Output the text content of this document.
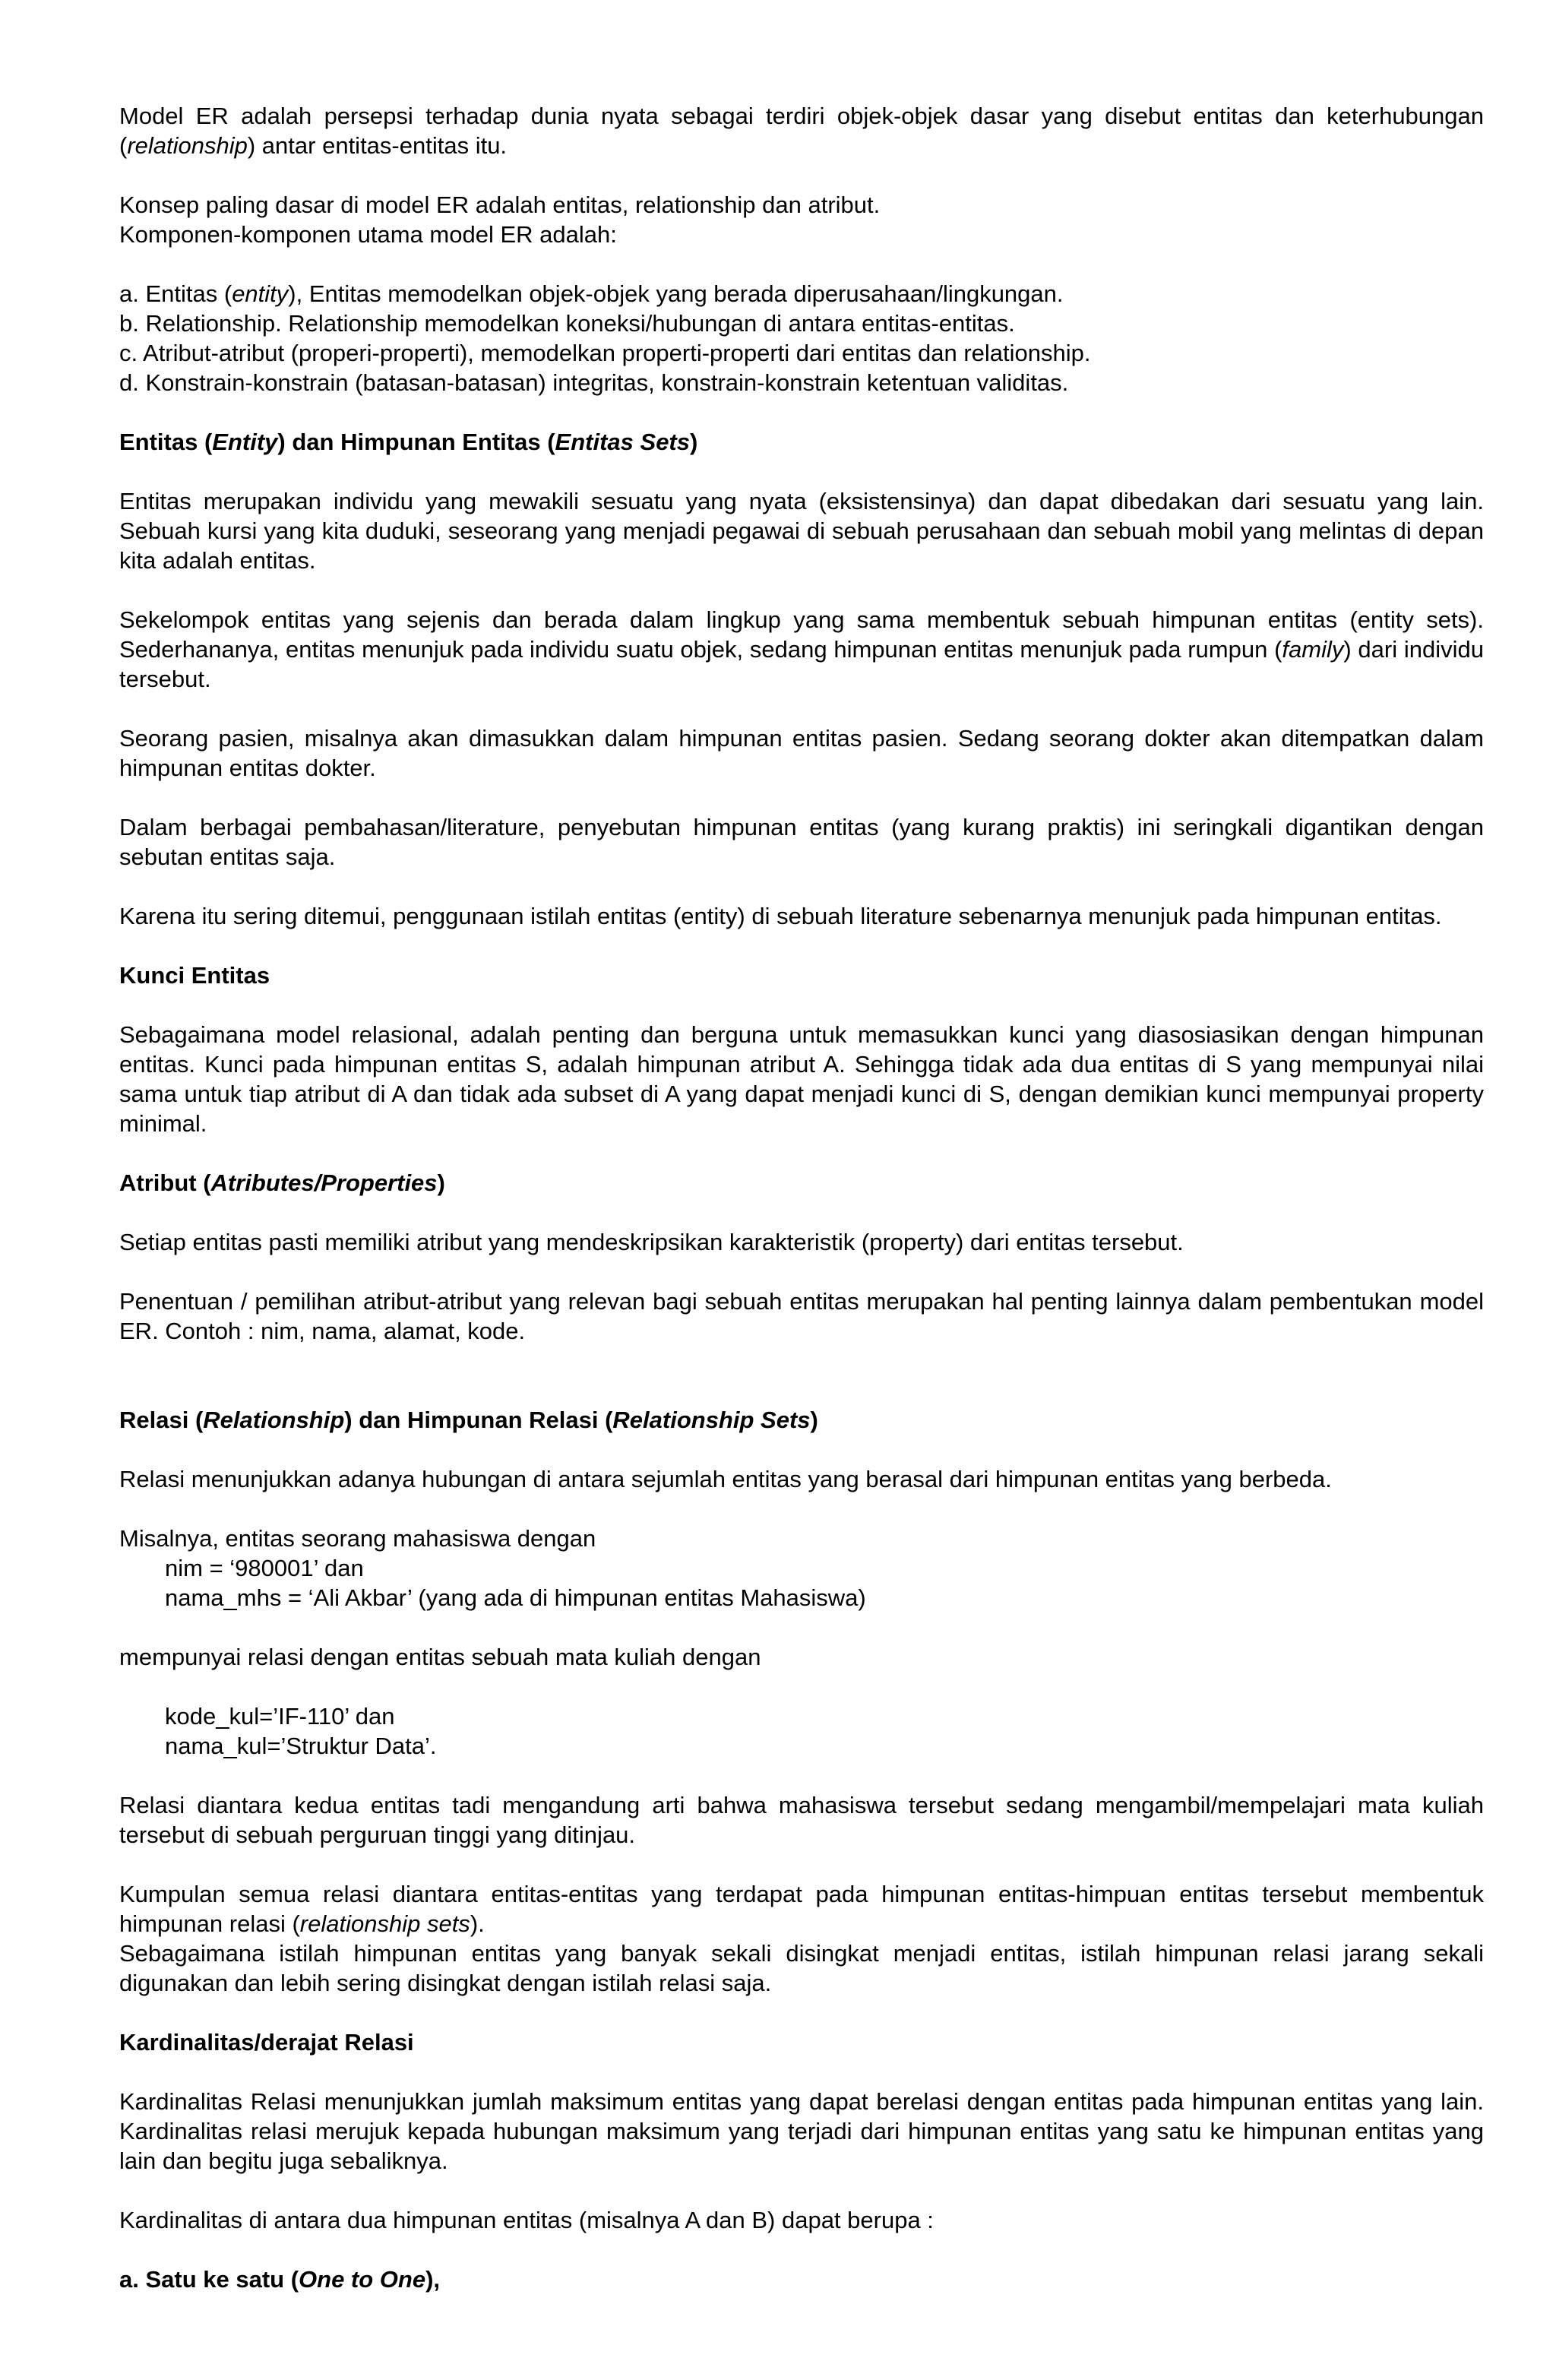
Model ER adalah persepsi terhadap dunia nyata sebagai terdiri objek-objek dasar yang disebut entitas dan keterhubungan (relationship) antar entitas-entitas itu.

Konsep paling dasar di model ER adalah entitas, relationship dan atribut.
Komponen-komponen utama model ER adalah:

a. Entitas (entity), Entitas memodelkan objek-objek yang berada diperusahaan/lingkungan.
b. Relationship. Relationship memodelkan koneksi/hubungan di antara entitas-entitas.
c. Atribut-atribut (properi-properti), memodelkan properti-properti dari entitas dan relationship.
d. Konstrain-konstrain (batasan-batasan) integritas, konstrain-konstrain ketentuan validitas.

Entitas (Entity) dan Himpunan Entitas (Entitas Sets)

Entitas merupakan individu yang mewakili sesuatu yang nyata (eksistensinya) dan dapat dibedakan dari sesuatu yang lain. Sebuah kursi yang kita duduki, seseorang yang menjadi pegawai di sebuah perusahaan dan sebuah mobil yang melintas di depan kita adalah entitas.

Sekelompok entitas yang sejenis dan berada dalam lingkup yang sama membentuk sebuah himpunan entitas (entity sets). Sederhananya, entitas menunjuk pada individu suatu objek, sedang himpunan entitas menunjuk pada rumpun (family) dari individu tersebut.

Seorang pasien, misalnya akan dimasukkan dalam himpunan entitas pasien. Sedang seorang dokter akan ditempatkan dalam himpunan entitas dokter.

Dalam berbagai pembahasan/literature, penyebutan himpunan entitas (yang kurang praktis) ini seringkali digantikan dengan sebutan entitas saja.

Karena itu sering ditemui, penggunaan istilah entitas (entity) di sebuah literature sebenarnya menunjuk pada himpunan entitas.

Kunci Entitas

Sebagaimana model relasional, adalah penting dan berguna untuk memasukkan kunci yang diasosiasikan dengan himpunan entitas. Kunci pada himpunan entitas S, adalah himpunan atribut A. Sehingga tidak ada dua entitas di S yang mempunyai nilai sama untuk tiap atribut di A dan tidak ada subset di A yang dapat menjadi kunci di S, dengan demikian kunci mempunyai property minimal.

Atribut (Atributes/Properties)

Setiap entitas pasti memiliki atribut yang mendeskripsikan karakteristik (property) dari entitas tersebut.

Penentuan / pemilihan atribut-atribut yang relevan bagi sebuah entitas merupakan hal penting lainnya dalam pembentukan model ER. Contoh : nim, nama, alamat, kode.

Relasi (Relationship) dan Himpunan Relasi (Relationship Sets)

Relasi menunjukkan adanya hubungan di antara sejumlah entitas yang berasal dari himpunan entitas yang berbeda.

Misalnya, entitas seorang mahasiswa dengan
nim = ‘980001’ dan
nama_mhs = ‘Ali Akbar’ (yang ada di himpunan entitas Mahasiswa)

mempunyai relasi dengan entitas sebuah mata kuliah dengan

kode_kul=’IF-110’ dan
nama_kul=’Struktur Data’.

Relasi diantara kedua entitas tadi mengandung arti bahwa mahasiswa tersebut sedang mengambil/mempelajari mata kuliah tersebut di sebuah perguruan tinggi yang ditinjau.

Kumpulan semua relasi diantara entitas-entitas yang terdapat pada himpunan entitas-himpuan entitas tersebut membentuk himpunan relasi (relationship sets).
Sebagaimana istilah himpunan entitas yang banyak sekali disingkat menjadi entitas, istilah himpunan relasi jarang sekali digunakan dan lebih sering disingkat dengan istilah relasi saja.

Kardinalitas/derajat Relasi

Kardinalitas Relasi menunjukkan jumlah maksimum entitas yang dapat berelasi dengan entitas pada himpunan entitas yang lain. Kardinalitas relasi merujuk kepada hubungan maksimum yang terjadi dari himpunan entitas yang satu ke himpunan entitas yang lain dan begitu juga sebaliknya.

Kardinalitas di antara dua himpunan entitas (misalnya A dan B) dapat berupa :

a. Satu ke satu (One to One),
